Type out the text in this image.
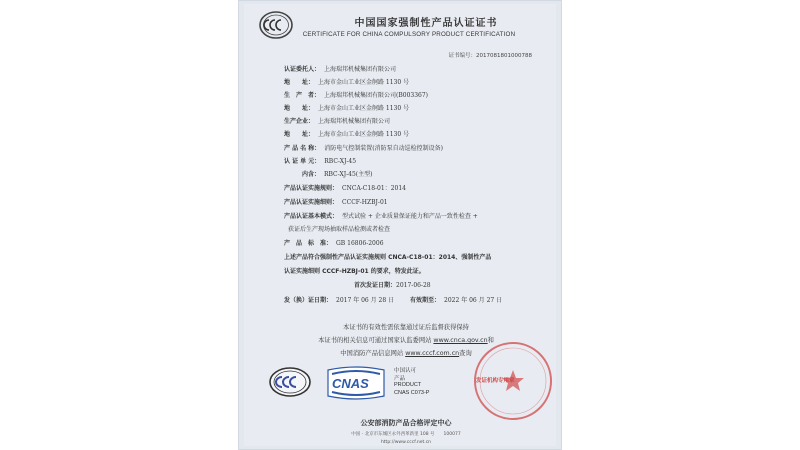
中国国家强制性产品认证证书
CERTIFICATE FOR CHINA COMPULSORY PRODUCT CERTIFICATION
证书编号：2017081801000788
认证委托人： 上海瑞邦机械集团有限公司
地　　址： 上海市金山工业区金舸路 1130 号
生　产　者： 上海瑞邦机械集团有限公司(B003367)
地　　址： 上海市金山工业区金舸路 1130 号
生产企业： 上海瑞邦机械集团有限公司
地　　址： 上海市金山工业区金舸路 1130 号
产 品 名 称： 消防电气控制装置(消防泵自动巡检控制设备)
认 证 单 元： RBC-XJ-45
　　　内含： RBC-XJ-45(主型)
产品认证实施规则： CNCA-C18-01：2014
产品认证实施细则： CCCF-HZBJ-01
产品认证基本模式： 型式试验 + 企业质量保证能力和产品一致性检查 +
获证后生产现场抽取样品检测或者检查
产　品　标　准： GB 16806-2006
上述产品符合强制性产品认证实施规则 CNCA-C18-01：2014、强制性产品
认证实施细则 CCCF-HZBJ-01 的要求，特发此证。
首次发证日期：2017-06-28
发（换）证日期： 2017 年 06 月 28 日	有效期至： 2022 年 06 月 27 日
本证书的有效性需依靠通过证后监督获得保持
本证书的相关信息可通过国家认监委网站 www.cnca.gov.cn和
中国消防产品信息网站 www.cccf.com.cn查询
CNAS
中国认可
产品
PRODUCT
CNAS C073-P
发证机构专用章
公安部消防产品合格评定中心
中国 · 北京市东城区永外西革新里 108 号　　100077
http://www.cccf.net.cn
